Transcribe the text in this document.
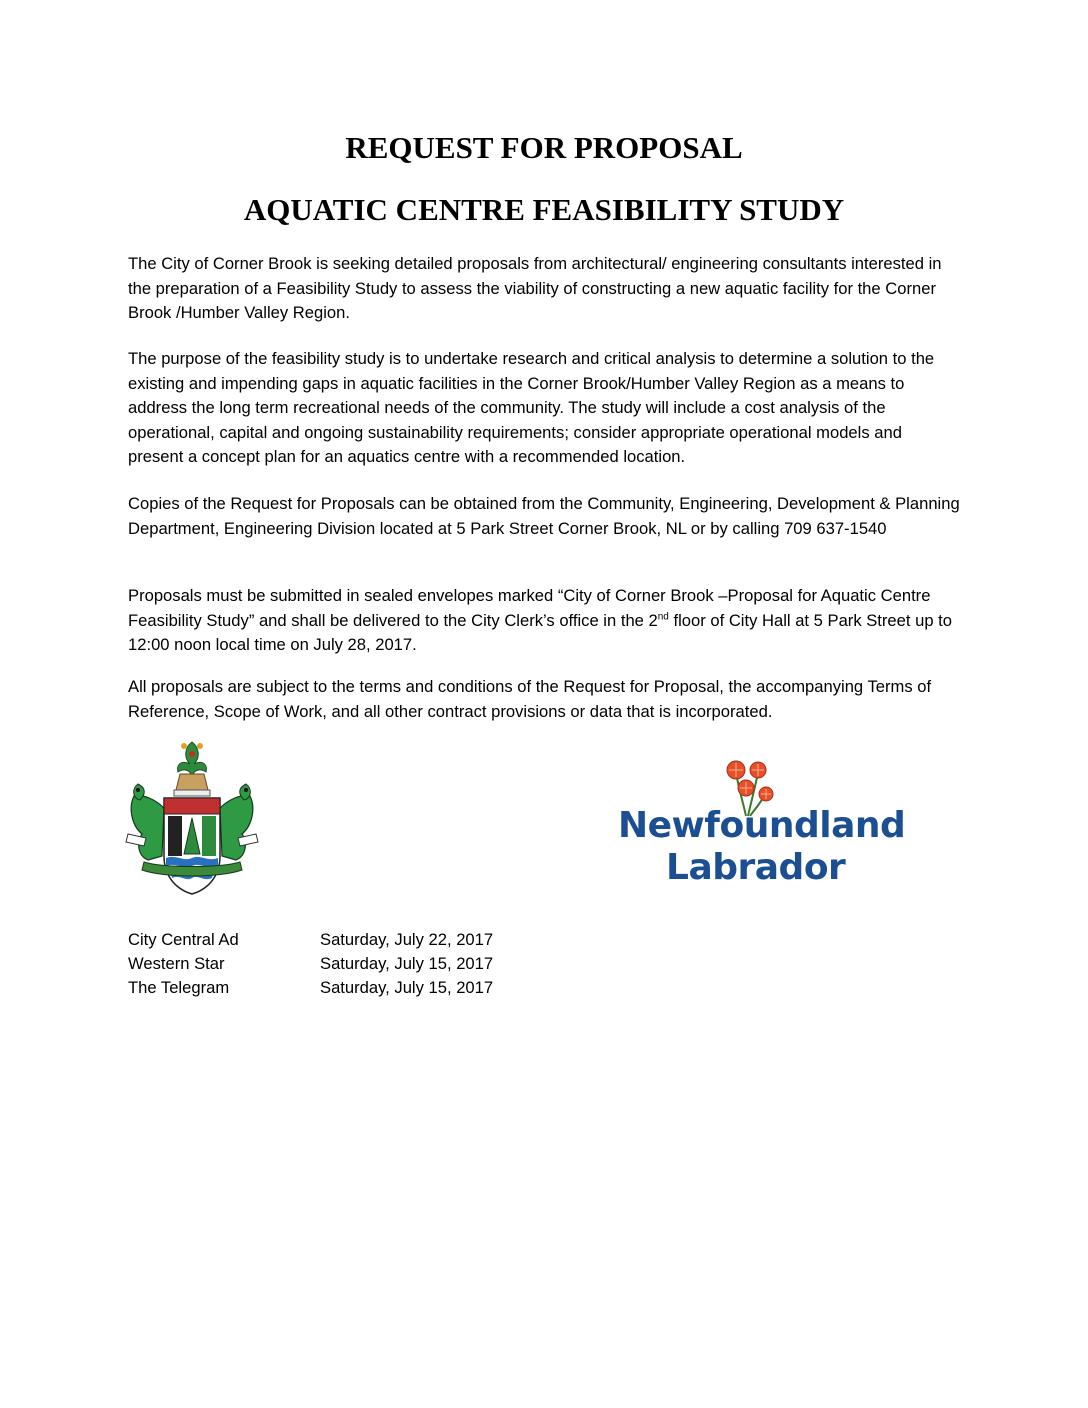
REQUEST FOR PROPOSAL
AQUATIC CENTRE FEASIBILITY STUDY

The City of Corner Brook is seeking detailed proposals from architectural/ engineering consultants interested in the preparation of a Feasibility Study to assess the viability of constructing a new aquatic facility for the Corner Brook /Humber Valley Region.

The purpose of the feasibility study is to undertake research and critical analysis to determine a solution to the existing and impending gaps in aquatic facilities in the Corner Brook/Humber Valley Region as a means to address the long term recreational needs of the community. The study will include a cost analysis of the operational, capital and ongoing sustainability requirements; consider appropriate operational models and present a concept plan for an aquatics centre with a recommended location.

Copies of the Request for Proposals can be obtained from the Community, Engineering, Development & Planning Department, Engineering Division located at 5 Park Street Corner Brook, NL or by calling 709 637-1540

Proposals must be submitted in sealed envelopes marked “City of Corner Brook –Proposal for Aquatic Centre Feasibility Study” and shall be delivered to the City Clerk’s office in the 2nd floor of City Hall at 5 Park Street up to 12:00 noon local time on July 28, 2017.

All proposals are subject to the terms and conditions of the Request for Proposal, the accompanying Terms of Reference, Scope of Work, and all other contract provisions or data that is incorporated.

Newfoundland
Labrador
City Central Ad	Saturday, July 22, 2017
Western Star	Saturday, July 15, 2017
The Telegram	Saturday, July 15, 2017
